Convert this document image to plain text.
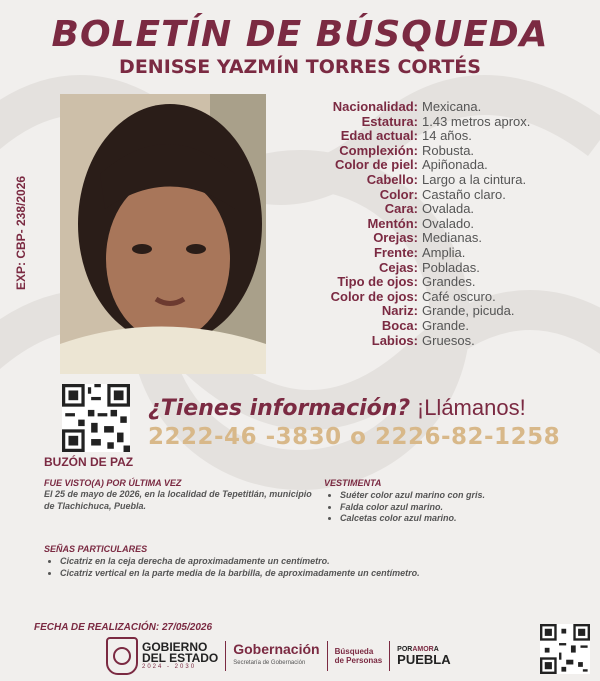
BOLETÍN DE BÚSQUEDA
DENISSE YAZMÍN TORRES CORTÉS
EXP: CBP- 238/2026
Nacionalidad: Mexicana.
Estatura: 1.43 metros aprox.
Edad actual: 14 años.
Complexión: Robusta.
Color de piel: Apiñonada.
Cabello: Largo a la cintura.
Color: Castaño claro.
Cara: Ovalada.
Mentón: Ovalado.
Orejas: Medianas.
Frente: Amplia.
Cejas: Pobladas.
Tipo de ojos: Grandes.
Color de ojos: Café oscuro.
Nariz: Grande, picuda.
Boca: Grande.
Labios: Gruesos.
BUZÓN DE PAZ
¿Tienes información? ¡Llámanos!
2222-46 -3830 o 2226-82-1258
FUE VISTO(A) POR ÚLTIMA VEZ
El 25 de mayo de 2026, en la localidad de Tepetitlán, municipio de Tlachichuca, Puebla.
VESTIMENTA
• Suéter color azul marino con gris.
• Falda color azul marino.
• Calcetas color azul marino.
SEÑAS PARTICULARES
• Cicatriz en la ceja derecha de aproximadamente un centímetro.
• Cicatriz vertical en la parte media de la barbilla, de aproximadamente un centímetro.
FECHA DE REALIZACIÓN: 27/05/2026
GOBIERNO
DEL ESTADO
2024 - 2030
Gobernación
Secretaría de Gobernación
Búsqueda
de Personas
PORAMORA
PUEBLA
